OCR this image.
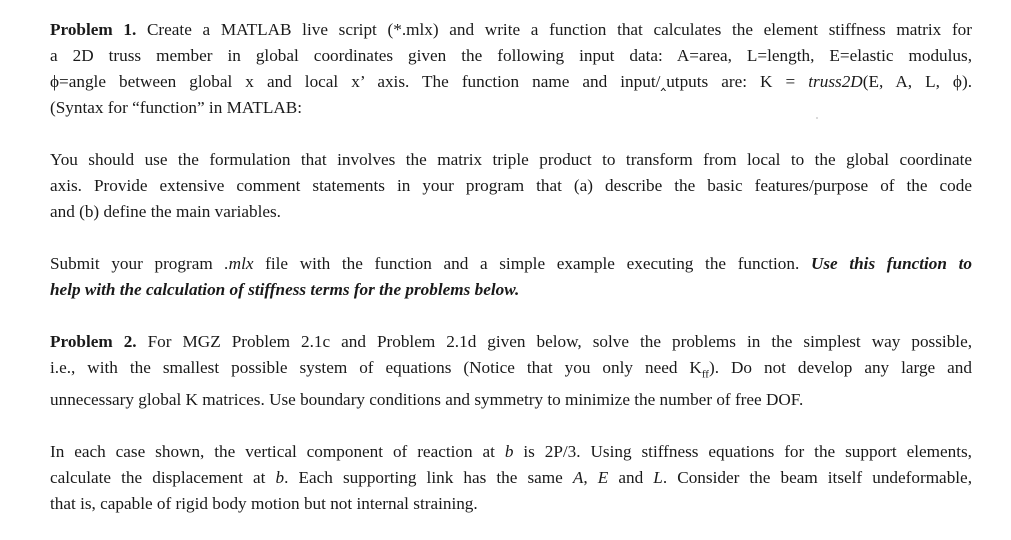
Problem 1. Create a MATLAB live script (*.mlx) and write a function that calculates the element stiffness matrix for
a 2D truss member in global coordinates given the following input data: A=area, L=length, E=elastic modulus,
ϕ=angle between global x and local x’ axis. The function name and input/‸utputs are: K = truss2D(E, A, L, ϕ).
(Syntax for “function” in MATLAB:

You should use the formulation that involves the matrix triple product to transform from local to the global coordinate
axis. Provide extensive comment statements in your program that (a) describe the basic features/purpose of the code
and (b) define the main variables.

Submit your program .mlx file with the function and a simple example executing the function. Use this function to
help with the calculation of stiffness terms for the problems below.

Problem 2. For MGZ Problem 2.1c and Problem 2.1d given below, solve the problems in the simplest way possible,
i.e., with the smallest possible system of equations (Notice that you only need $K_{ff}$). Do not develop any large and
unnecessary global K matrices. Use boundary conditions and symmetry to minimize the number of free DOF.

In each case shown, the vertical component of reaction at b is 2P/3. Using stiffness equations for the support elements,
calculate the displacement at b. Each supporting link has the same A, E and L. Consider the beam itself undeformable,
that is, capable of rigid body motion but not internal straining.
